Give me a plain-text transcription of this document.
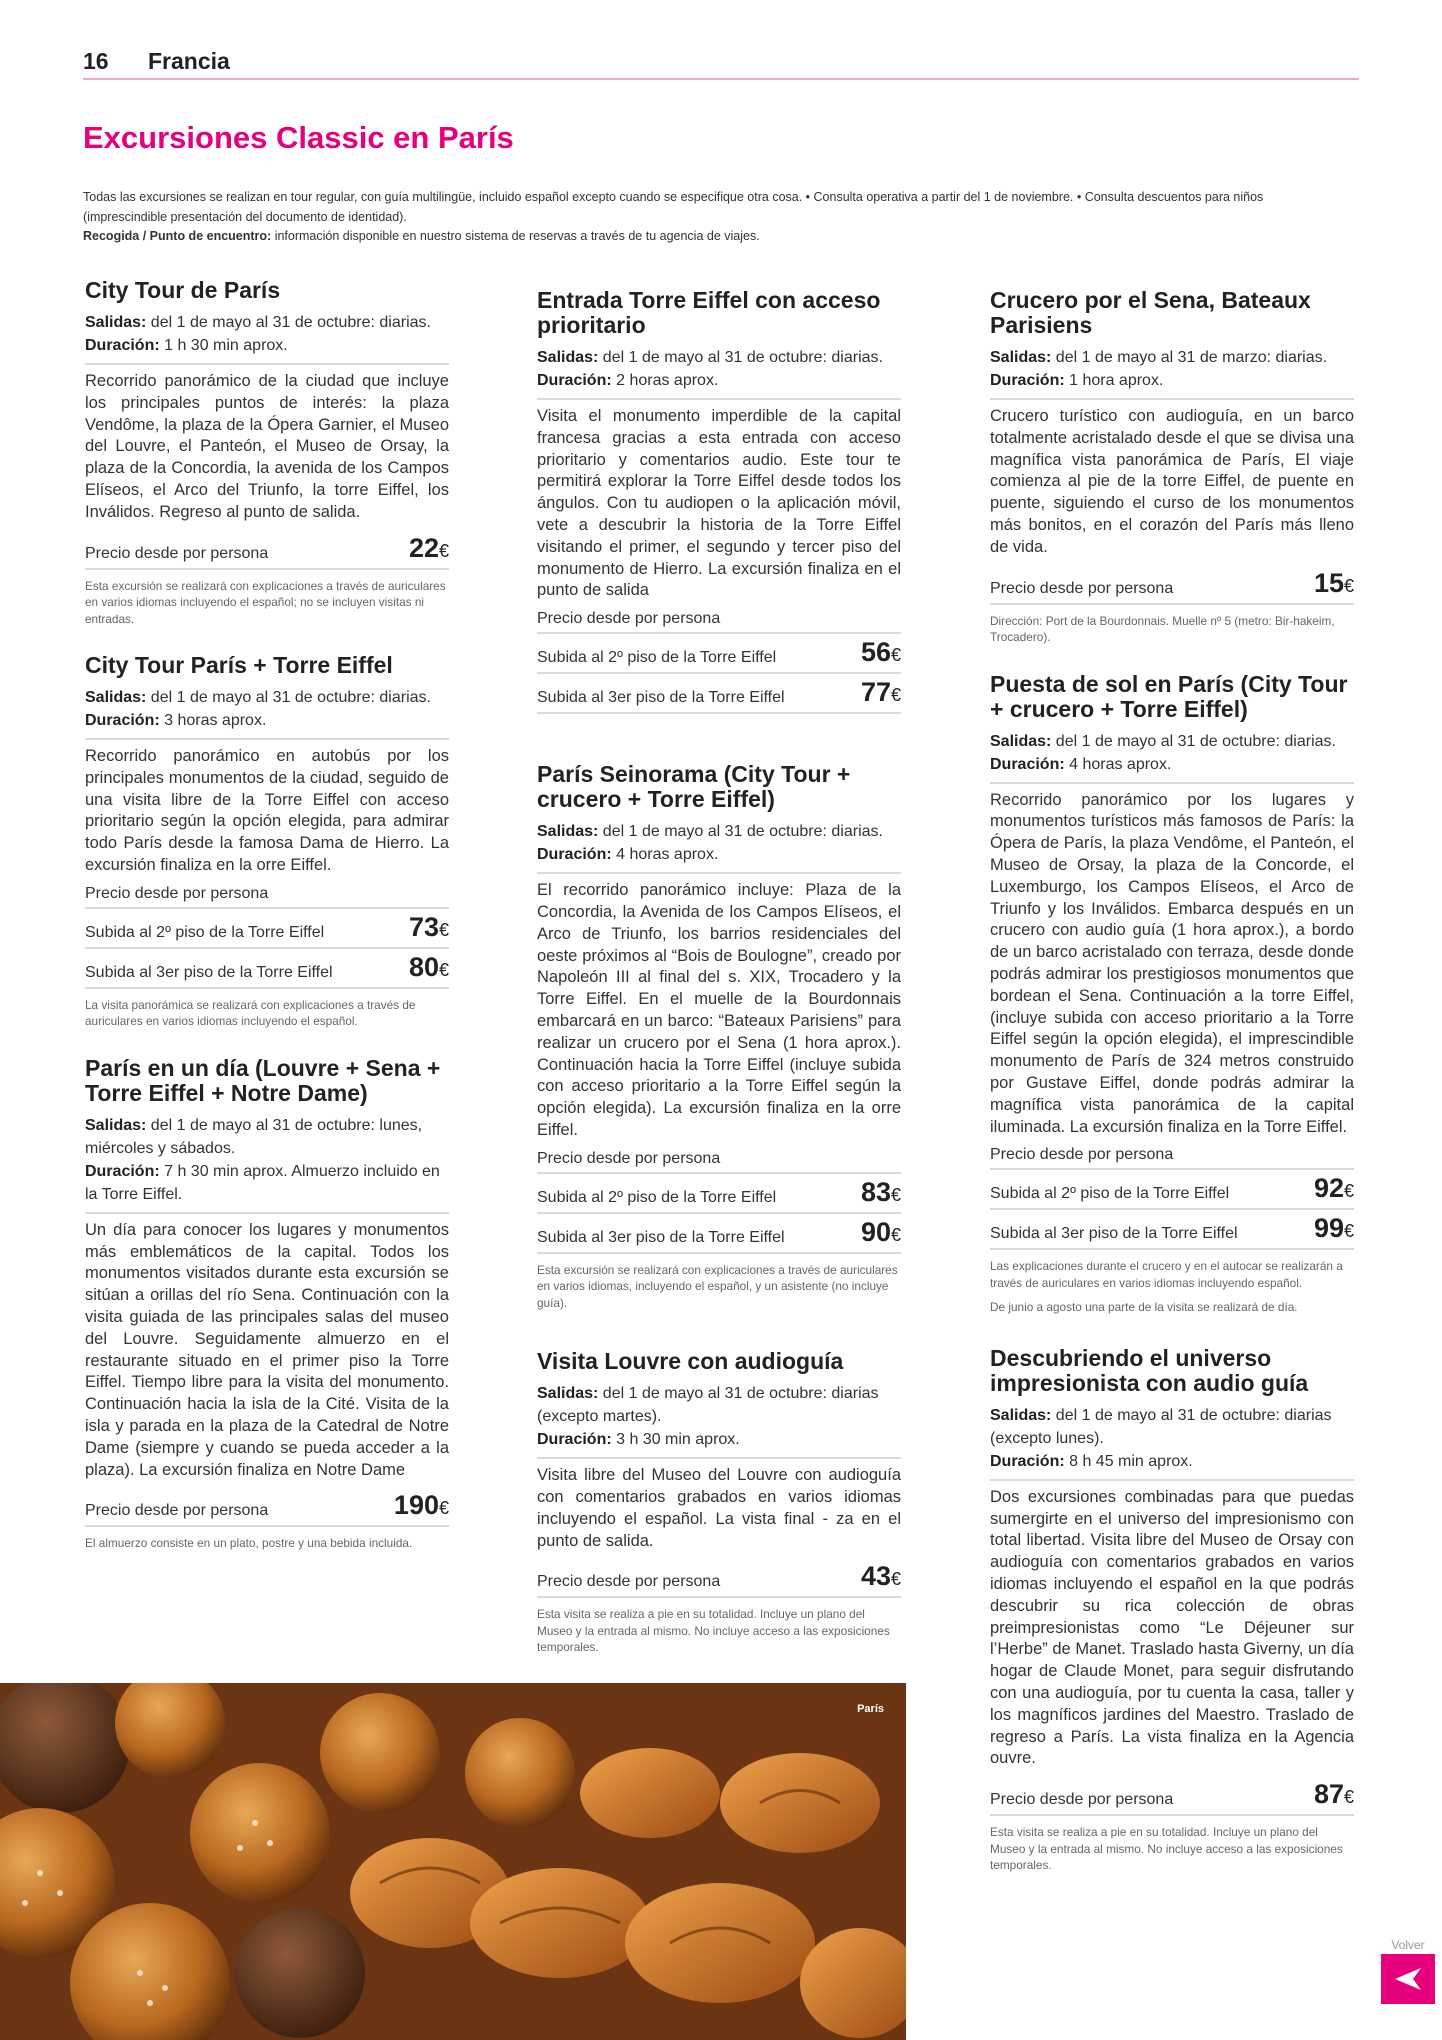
16	Francia
Excursiones Classic en París

Todas las excursiones se realizan en tour regular, con guía multilingüe, incluido español excepto cuando se especifique otra cosa. • Consulta operativa a partir del 1 de noviembre. • Consulta descuentos para niños (imprescindible presentación del documento de identidad).

Recogida / Punto de encuentro: información disponible en nuestro sistema de reservas a través de tu agencia de viajes.

City Tour de París
Salidas: del 1 de mayo al 31 de octubre: diarias.
Duración: 1 h 30 min aprox.
Recorrido panorámico de la ciudad que incluye los principales puntos de interés: la plaza Vendôme, la plaza de la Ópera Garnier, el Museo del Louvre, el Panteón, el Museo de Orsay, la plaza de la Concordia, la avenida de los Campos Elíseos, el Arco del Triunfo, la torre Eiffel, los Inválidos. Regreso al punto de salida.
Precio desde por persona	22€
Esta excursión se realizará con explicaciones a través de auriculares en varios idiomas incluyendo el español; no se incluyen visitas ni entradas.
City Tour París + Torre Eiffel
Salidas: del 1 de mayo al 31 de octubre: diarias.
Duración: 3 horas aprox.
Recorrido panorámico en autobús por los principales monumentos de la ciudad, seguido de una visita libre de la Torre Eiffel con acceso prioritario según la opción elegida, para admirar todo París desde la famosa Dama de Hierro. La excursión finaliza en la orre Eiffel.
Precio desde por persona
Subida al 2º piso de la Torre Eiffel	73€
Subida al 3er piso de la Torre Eiffel	80€
La visita panorámica se realizará con explicaciones a través de auriculares en varios idiomas incluyendo el español.
París en un día (Louvre + Sena + Torre Eiffel + Notre Dame)
Salidas: del 1 de mayo al 31 de octubre: lunes, miércoles y sábados.
Duración: 7 h 30 min aprox. Almuerzo incluido en la Torre Eiffel.
Un día para conocer los lugares y monumentos más emblemáticos de la capital. Todos los monumentos visitados durante esta excursión se sitúan a orillas del río Sena. Continuación con la visita guiada de las principales salas del museo del Louvre. Seguidamente almuerzo en el restaurante situado en el primer piso la Torre Eiffel. Tiempo libre para la visita del monumento. Continuación hacia la isla de la Cité. Visita de la isla y parada en la plaza de la Catedral de Notre Dame (siempre y cuando se pueda acceder a la plaza). La excursión finaliza en Notre Dame
Precio desde por persona	190€
El almuerzo consiste en un plato, postre y una bebida incluida.
Entrada Torre Eiffel con acceso prioritario
Salidas: del 1 de mayo al 31 de octubre: diarias.
Duración: 2 horas aprox.
Visita el monumento imperdible de la capital francesa gracias a esta entrada con acceso prioritario y comentarios audio. Este tour te permitirá explorar la Torre Eiffel desde todos los ángulos. Con tu audiopen o la aplicación móvil, vete a descubrir la historia de la Torre Eiffel visitando el primer, el segundo y tercer piso del monumento de Hierro. La excursión finaliza en el punto de salida
Precio desde por persona
Subida al 2º piso de la Torre Eiffel	56€
Subida al 3er piso de la Torre Eiffel	77€
París Seinorama (City Tour + crucero + Torre Eiffel)
Salidas: del 1 de mayo al 31 de octubre: diarias.
Duración: 4 horas aprox.
El recorrido panorámico incluye: Plaza de la Concordia, la Avenida de los Campos Elíseos, el Arco de Triunfo, los barrios residenciales del oeste próximos al “Bois de Boulogne”, creado por Napoleón III al final del s. XIX, Trocadero y la Torre Eiffel. En el muelle de la Bourdonnais embarcará en un barco: “Bateaux Parisiens” para realizar un crucero por el Sena (1 hora aprox.). Continuación hacia la Torre Eiffel (incluye subida con acceso prioritario a la Torre Eiffel según la opción elegida). La excursión finaliza en la orre Eiffel.
Precio desde por persona
Subida al 2º piso de la Torre Eiffel	83€
Subida al 3er piso de la Torre Eiffel	90€
Esta excursión se realizará con explicaciones a través de auriculares en varios idiomas, incluyendo el español, y un asistente (no incluye guía).
Visita Louvre con audioguía
Salidas: del 1 de mayo al 31 de octubre: diarias (excepto martes).
Duración: 3 h 30 min aprox.
Visita libre del Museo del Louvre con audioguía con comentarios grabados en varios idiomas incluyendo el español. La vista final - za en el punto de salida.
Precio desde por persona	43€
Esta visita se realiza a pie en su totalidad. Incluye un plano del Museo y la entrada al mismo. No incluye acceso a las exposiciones temporales.
Crucero por el Sena, Bateaux Parisiens
Salidas: del 1 de mayo al 31 de marzo: diarias.
Duración: 1 hora aprox.
Crucero turístico con audioguía, en un barco totalmente acristalado desde el que se divisa una magnífica vista panorámica de París, El viaje comienza al pie de la torre Eiffel, de puente en puente, siguiendo el curso de los monumentos más bonitos, en el corazón del París más lleno de vida.
Precio desde por persona	15€
Dirección: Port de la Bourdonnais. Muelle nº 5 (metro: Bir-hakeim, Trocadero).
Puesta de sol en París (City Tour + crucero + Torre Eiffel)
Salidas: del 1 de mayo al 31 de octubre: diarias.
Duración: 4 horas aprox.
Recorrido panorámico por los lugares y monumentos turísticos más famosos de París: la Ópera de París, la plaza Vendôme, el Panteón, el Museo de Orsay, la plaza de la Concorde, el Luxemburgo, los Campos Elíseos, el Arco de Triunfo y los Inválidos. Embarca después en un crucero con audio guía (1 hora aprox.), a bordo de un barco acristalado con terraza, desde donde podrás admirar los prestigiosos monumentos que bordean el Sena. Continuación a la torre Eiffel, (incluye subida con acceso prioritario a la Torre Eiffel según la opción elegida), el imprescindible monumento de París de 324 metros construido por Gustave Eiffel, donde podrás admirar la magnífica vista panorámica de la capital iluminada. La excursión finaliza en la Torre Eiffel.
Precio desde por persona
Subida al 2º piso de la Torre Eiffel	92€
Subida al 3er piso de la Torre Eiffel	99€
Las explicaciones durante el crucero y en el autocar se realizarán a través de auriculares en varios idiomas incluyendo español.
De junio a agosto una parte de la visita se realizará de día.
Descubriendo el universo impresionista con audio guía
Salidas: del 1 de mayo al 31 de octubre: diarias (excepto lunes).
Duración: 8 h 45 min aprox.
Dos excursiones combinadas para que puedas sumergirte en el universo del impresionismo con total libertad. Visita libre del Museo de Orsay con audioguía con comentarios grabados en varios idiomas incluyendo el español en la que podrás descubrir su rica colección de obras preimpresionistas como “Le Déjeuner sur l’Herbe” de Manet. Traslado hasta Giverny, un día hogar de Claude Monet, para seguir disfrutando con una audioguía, por tu cuenta la casa, taller y los magníficos jardines del Maestro. Traslado de regreso a París. La vista finaliza en la Agencia ouvre.
Precio desde por persona	87€
Esta visita se realiza a pie en su totalidad. Incluye un plano del Museo y la entrada al mismo. No incluye acceso a las exposiciones temporales.
París
Volver
